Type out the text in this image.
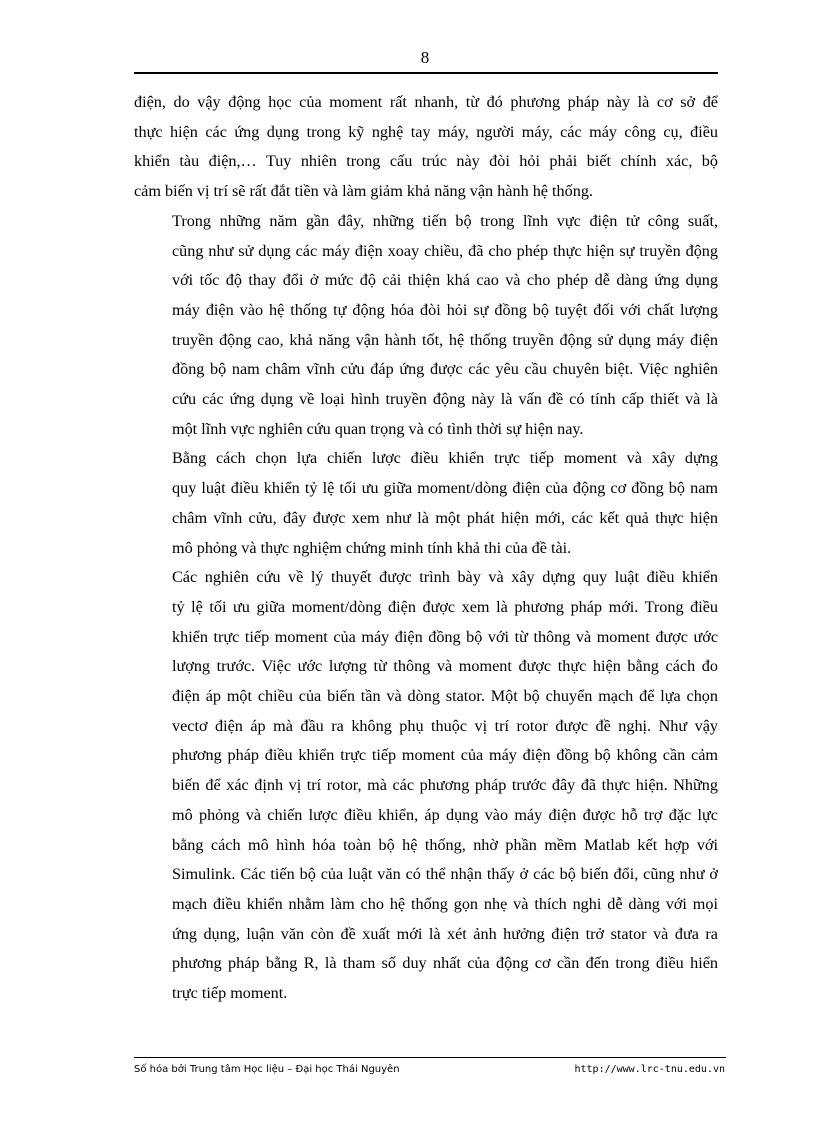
8

điện, do vậy động học của moment rất nhanh, từ đó phương pháp này là cơ sở để
thực hiện các ứng dụng trong kỹ nghệ tay máy, người máy, các máy công cụ, điều
khiển tàu điện,… Tuy nhiên trong cấu trúc này đòi hỏi phải biết chính xác, bộ
cảm biến vị trí sẽ rất đắt tiền và làm giảm khả năng vận hành hệ thống.

Trong những năm gần đây, những tiến bộ trong lĩnh vực điện tử công suất,
cũng như sử dụng các máy điện xoay chiều, đã cho phép thực hiện sự truyền động
với tốc độ thay đổi ở mức độ cải thiện khá cao và cho phép dễ dàng ứng dụng
máy điện vào hệ thống tự động hóa đòi hỏi sự đồng bộ tuyệt đối với chất lượng
truyền động cao, khả năng vận hành tốt, hệ thống truyền động sử dụng máy điện
đồng bộ nam châm vĩnh cửu đáp ứng được các yêu cầu chuyên biệt. Việc nghiên
cứu các ứng dụng về loại hình truyền động này là vấn đề có tính cấp thiết và là
một lĩnh vực nghiên cứu quan trọng và có tình thời sự hiện nay.

Bằng cách chọn lựa chiến lược điều khiển trực tiếp moment và xây dựng
quy luật điều khiển tỷ lệ tối ưu giữa moment/dòng điện của động cơ đồng bộ nam
châm vĩnh cửu, đây được xem như là một phát hiện mới, các kết quả thực hiện
mô phỏng và thực nghiệm chứng minh tính khả thi của đề tài.

Các nghiên cứu về lý thuyết được trình bày và xây dựng quy luật điều khiển
tỷ lệ tối ưu giữa moment/dòng điện được xem là phương pháp mới. Trong điều
khiển trực tiếp moment của máy điện đồng bộ với từ thông và moment được ước
lượng trước. Việc ước lượng từ thông và moment được thực hiện bằng cách đo
điện áp một chiều của biến tần và dòng stator. Một bộ chuyển mạch để lựa chọn
vectơ điện áp mà đầu ra không phụ thuộc vị trí rotor được đề nghị. Như vậy
phương pháp điều khiển trực tiếp moment của máy điện đồng bộ không cần cảm
biến để xác định vị trí rotor, mà các phương pháp trước đây đã thực hiện. Những
mô phỏng và chiến lược điều khiển, áp dụng vào máy điện được hỗ trợ đặc lực
bằng cách mô hình hóa toàn bộ hệ thống, nhờ phần mềm Matlab kết hợp với
Simulink. Các tiến bộ của luật văn có thể nhận thấy ở các bộ biến đổi, cũng như ở
mạch điều khiển nhằm làm cho hệ thống gọn nhẹ và thích nghi dễ dàng với mọi
ứng dụng, luận văn còn đề xuất mới là xét ảnh hưởng điện trở stator và đưa ra
phương pháp bằng R, là tham số duy nhất của động cơ cần đến trong điều hiển
trực tiếp moment.

Số hóa bởi Trung tâm Học liệu – Đại học Thái Nguyên	http://www.lrc-tnu.edu.vn
